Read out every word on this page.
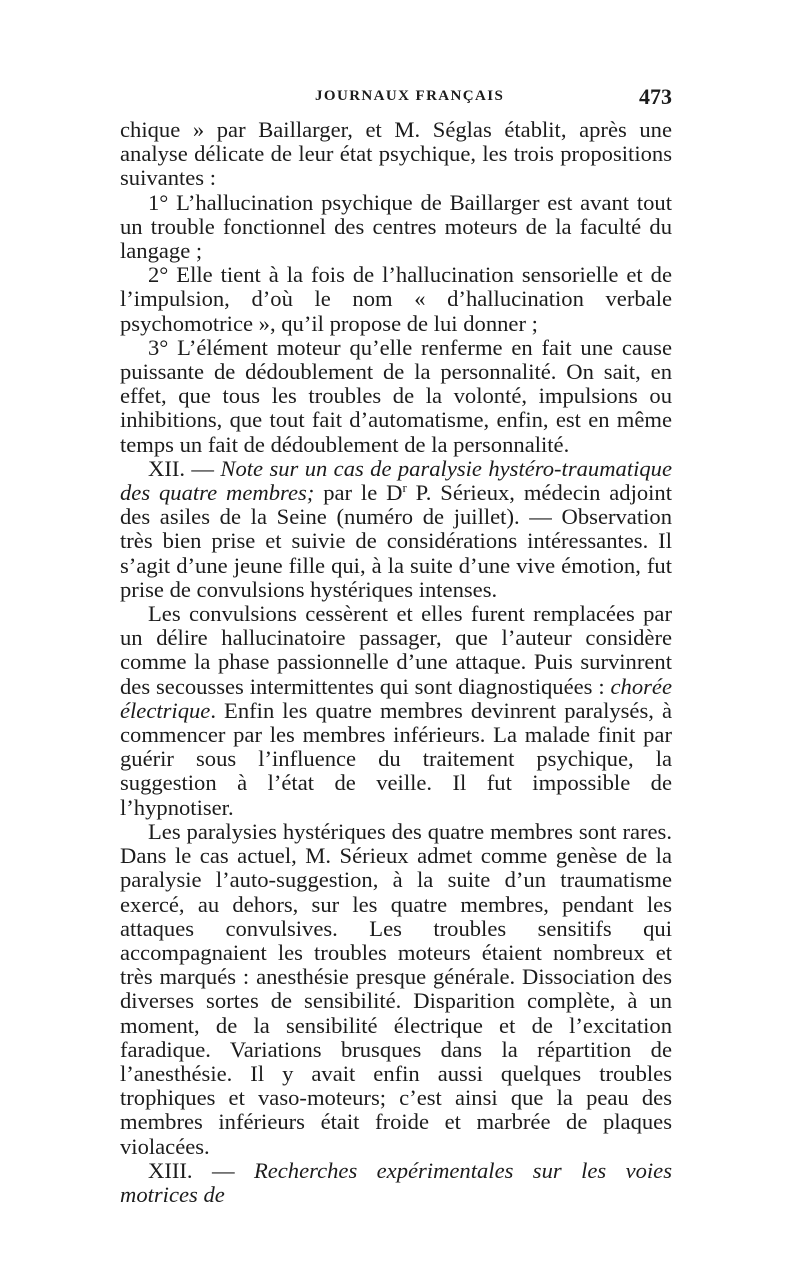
JOURNAUX FRANÇAIS	473

chique » par Baillarger, et M. Séglas établit, après une analyse délicate de leur état psychique, les trois propositions suivantes :

1° L’hallucination psychique de Baillarger est avant tout un trouble fonctionnel des centres moteurs de la faculté du langage ;

2° Elle tient à la fois de l’hallucination sensorielle et de l’impulsion, d’où le nom « d’hallucination verbale psychomotrice », qu’il propose de lui donner ;

3° L’élément moteur qu’elle renferme en fait une cause puissante de dédoublement de la personnalité. On sait, en effet, que tous les troubles de la volonté, impulsions ou inhibitions, que tout fait d’automatisme, enfin, est en même temps un fait de dédoublement de la personnalité.

XII. — Note sur un cas de paralysie hystéro-traumatique des quatre membres; par le $D^r$ P. Sérieux, médecin adjoint des asiles de la Seine (numéro de juillet). — Observation très bien prise et suivie de considérations intéressantes. Il s’agit d’une jeune fille qui, à la suite d’une vive émotion, fut prise de convulsions hystériques intenses.

Les convulsions cessèrent et elles furent remplacées par un délire hallucinatoire passager, que l’auteur considère comme la phase passionnelle d’une attaque. Puis survinrent des secousses intermittentes qui sont diagnostiquées : chorée électrique. Enfin les quatre membres devinrent paralysés, à commencer par les membres inférieurs. La malade finit par guérir sous l’influence du traitement psychique, la suggestion à l’état de veille. Il fut impossible de l’hypnotiser.

Les paralysies hystériques des quatre membres sont rares. Dans le cas actuel, M. Sérieux admet comme genèse de la paralysie l’auto-suggestion, à la suite d’un traumatisme exercé, au dehors, sur les quatre membres, pendant les attaques convulsives. Les troubles sensitifs qui accompagnaient les troubles moteurs étaient nombreux et très marqués : anesthésie presque générale. Dissociation des diverses sortes de sensibilité. Disparition complète, à un moment, de la sensibilité électrique et de l’excitation faradique. Variations brusques dans la répartition de l’anesthésie. Il y avait enfin aussi quelques troubles trophiques et vaso-moteurs; c’est ainsi que la peau des membres inférieurs était froide et marbrée de plaques violacées.

XIII. — Recherches expérimentales sur les voies motrices de
